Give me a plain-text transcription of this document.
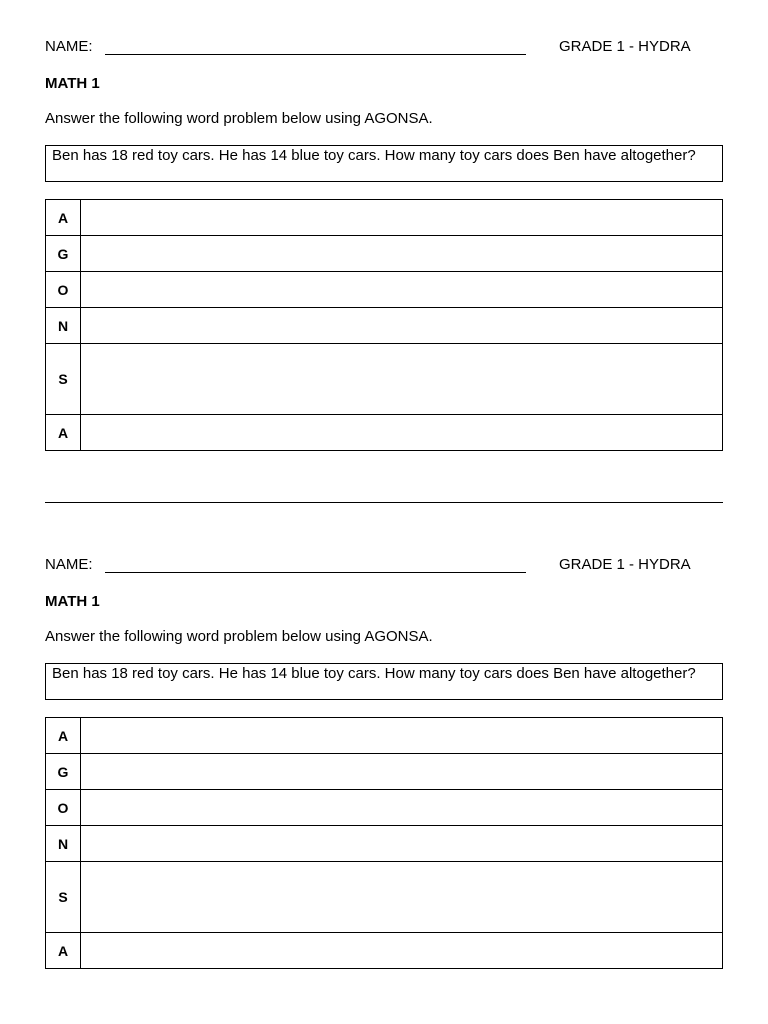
NAME:	GRADE 1 - HYDRA
MATH 1
Answer the following word problem below using AGONSA.
Ben has 18 red toy cars. He has 14 blue toy cars. How many toy cars does Ben have altogether?
A	
G	
O	
N	
S	
A	
NAME:	GRADE 1 - HYDRA
MATH 1
Answer the following word problem below using AGONSA.
Ben has 18 red toy cars. He has 14 blue toy cars. How many toy cars does Ben have altogether?
A	
G	
O	
N	
S	
A	
